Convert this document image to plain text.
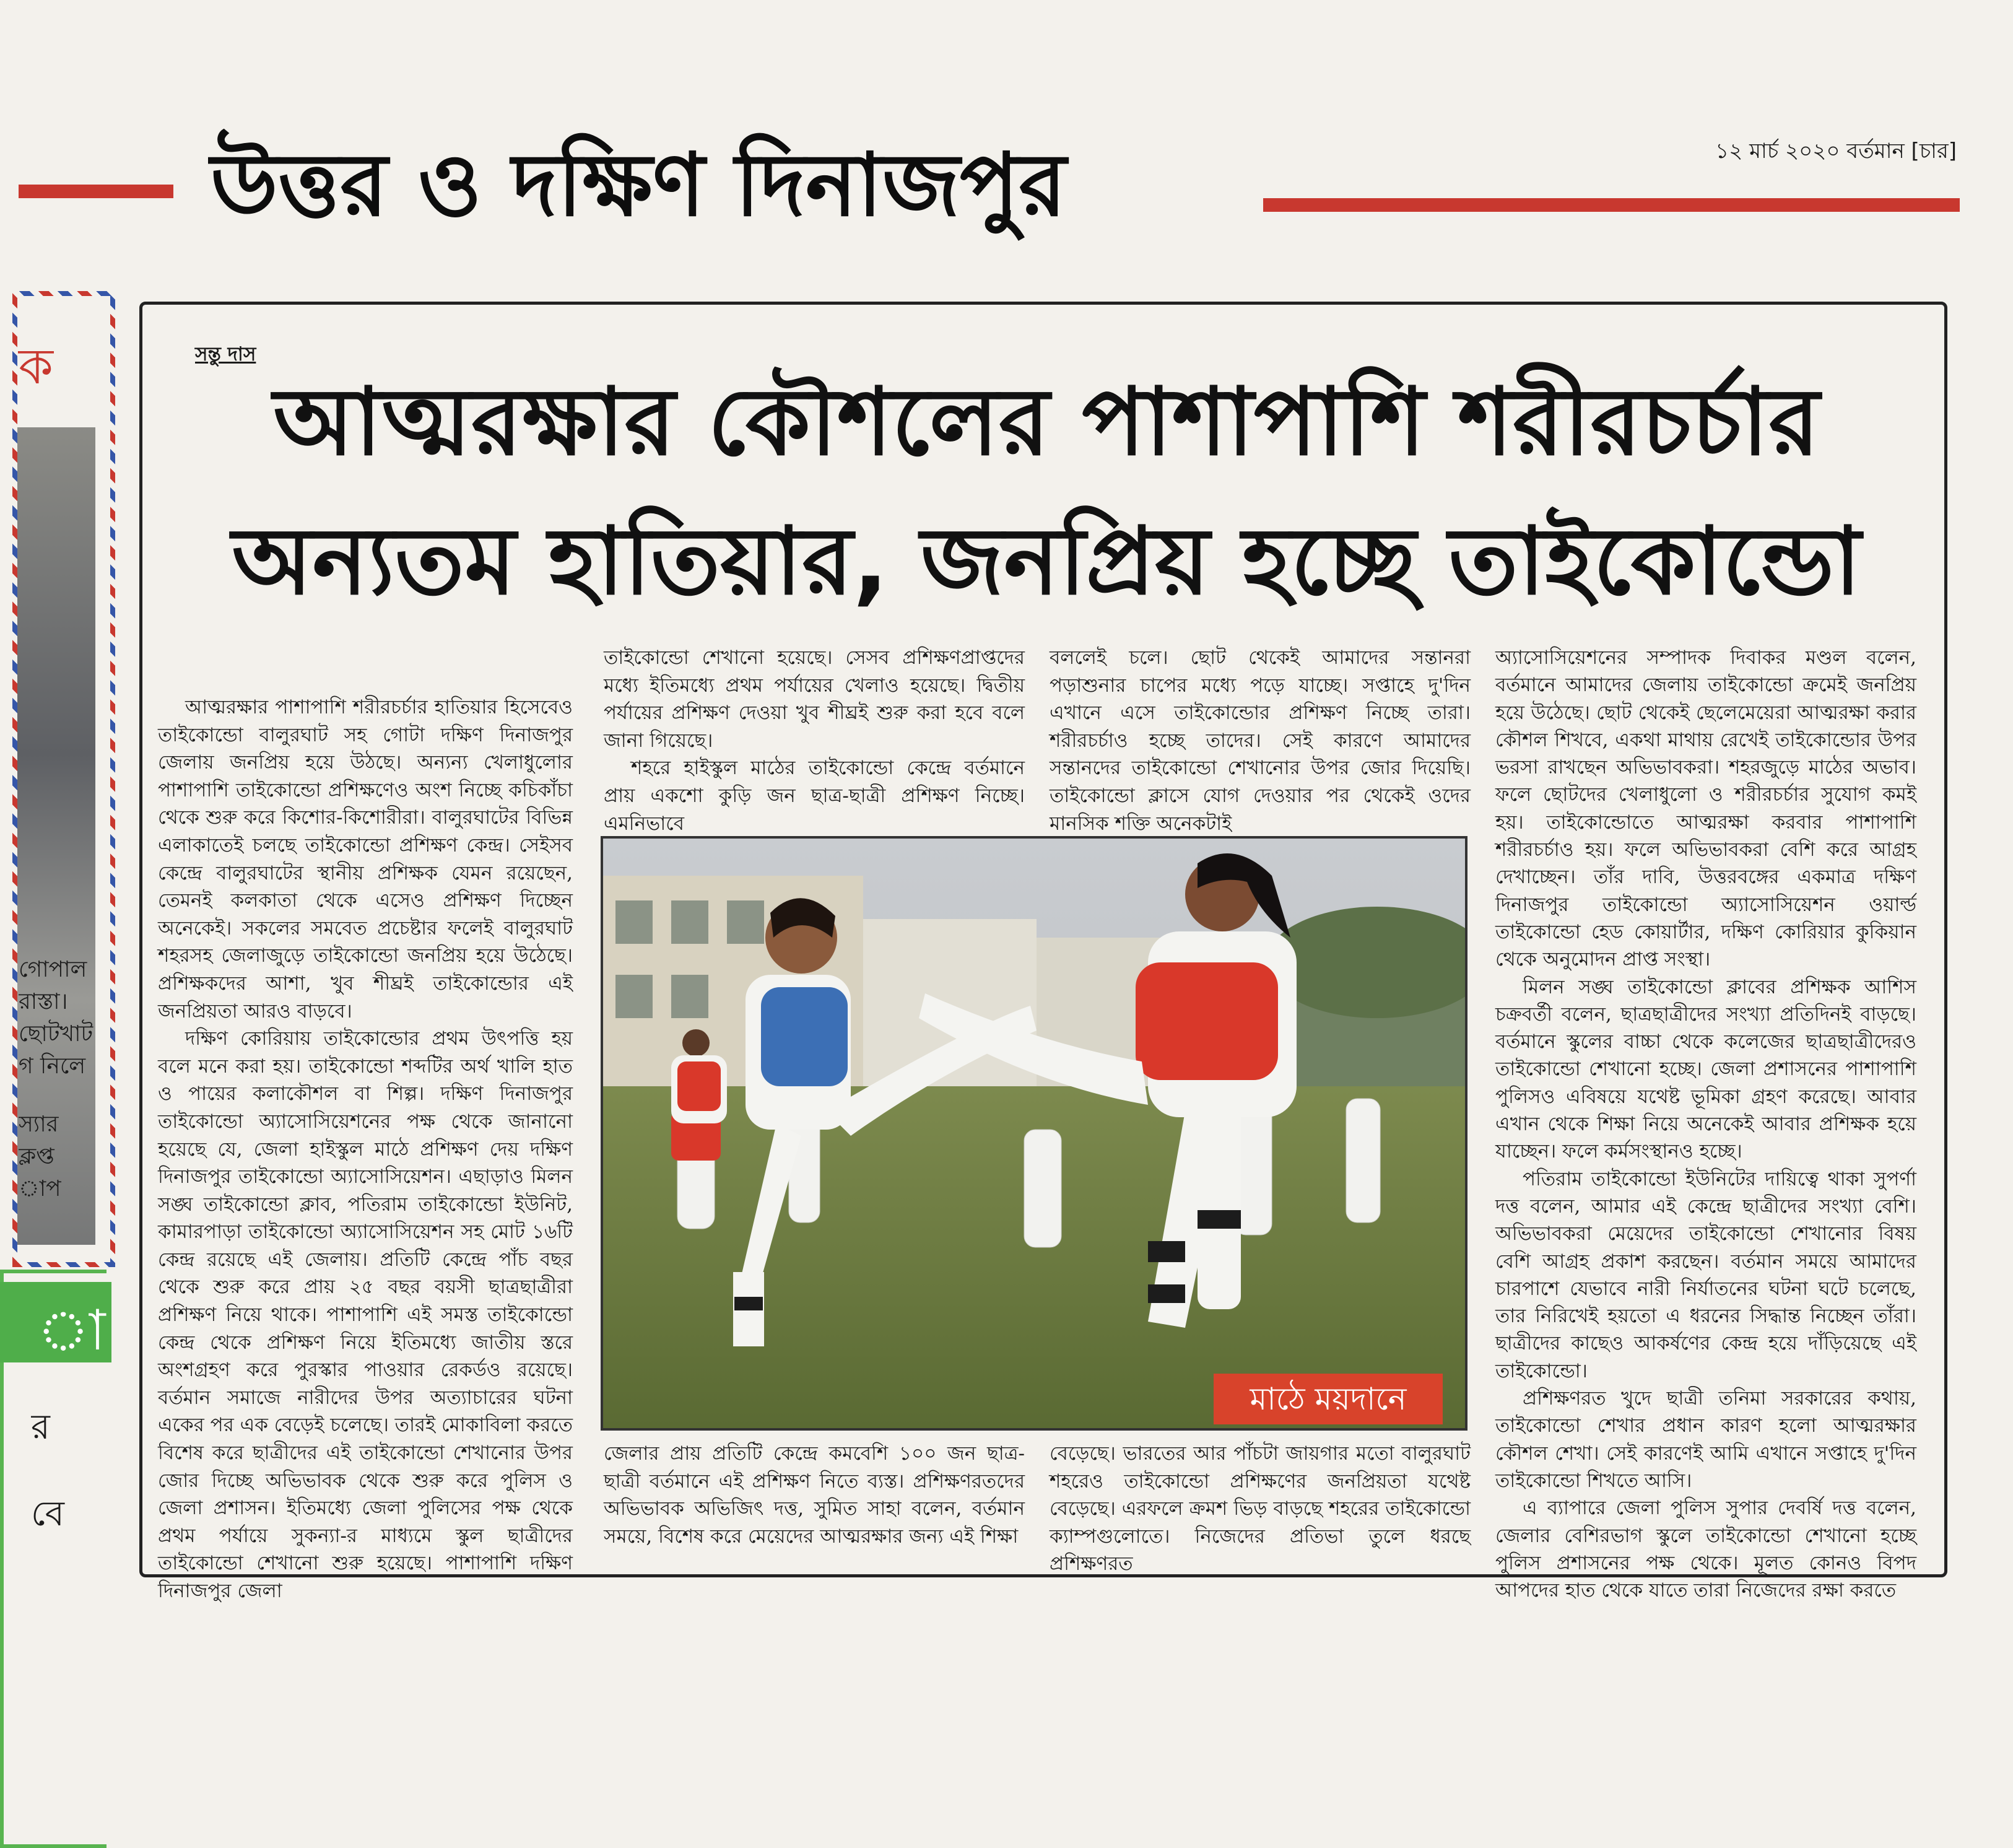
উত্তর ও দক্ষিণ দিনাজপুর	১২ মার্চ ২০২০ বর্তমান [চার]
ক
গোপাল
রাস্তা।
ছোটখাট
গ নিলে
স্যার
ক্লপ্ত
াপ
া
র
বে
আত্মরক্ষার কৌশলের পাশাপাশি শরীরচর্চার
অন্যতম হাতিয়ার, জনপ্রিয় হচ্ছে তাইকোন্ডো
সন্তু দাস

আত্মরক্ষার পাশাপাশি শরীরচর্চার হাতিয়ার হিসেবেও তাইকোন্ডো বালুরঘাট সহ গোটা দক্ষিণ দিনাজপুর জেলায় জনপ্রিয় হয়ে উঠছে। অন্যন্য খেলাধুলোর পাশাপাশি তাইকোন্ডো প্রশিক্ষণেও অংশ নিচ্ছে কচিকাঁচা থেকে শুরু করে কিশোর-কিশোরীরা। বালুরঘাটের বিভিন্ন এলাকাতেই চলছে তাইকোন্ডো প্রশিক্ষণ কেন্দ্র। সেইসব কেন্দ্রে বালুরঘাটের স্থানীয় প্রশিক্ষক যেমন রয়েছেন, তেমনই কলকাতা থেকে এসেও প্রশিক্ষণ দিচ্ছেন অনেকেই। সকলের সমবেত প্রচেষ্টার ফলেই বালুরঘাট শহরসহ জেলাজুড়ে তাইকোন্ডো জনপ্রিয় হয়ে উঠেছে। প্রশিক্ষকদের আশা, খুব শীঘ্রই তাইকোন্ডোর এই জনপ্রিয়তা আরও বাড়বে।

দক্ষিণ কোরিয়ায় তাইকোন্ডোর প্রথম উৎপত্তি হয় বলে মনে করা হয়। তাইকোন্ডো শব্দটির অর্থ খালি হাত ও পায়ের কলাকৌশল বা শিল্প। দক্ষিণ দিনাজপুর তাইকোন্ডো অ্যাসোসিয়েশনের পক্ষ থেকে জানানো হয়েছে যে, জেলা হাইস্কুল মাঠে প্রশিক্ষণ দেয় দক্ষিণ দিনাজপুর তাইকোন্ডো অ্যাসোসিয়েশন। এছাড়াও মিলন সঙ্ঘ তাইকোন্ডো ক্লাব, পতিরাম তাইকোন্ডো ইউনিট, কামারপাড়া তাইকোন্ডো অ্যাসোসিয়েশন সহ মোট ১৬টি কেন্দ্র রয়েছে এই জেলায়। প্রতিটি কেন্দ্রে পাঁচ বছর থেকে শুরু করে প্রায় ২৫ বছর বয়সী ছাত্রছাত্রীরা প্রশিক্ষণ নিয়ে থাকে। পাশাপাশি এই সমস্ত তাইকোন্ডো কেন্দ্র থেকে প্রশিক্ষণ নিয়ে ইতিমধ্যে জাতীয় স্তরে অংশগ্রহণ করে পুরস্কার পাওয়ার রেকর্ডও রয়েছে।বর্তমান সমাজে নারীদের উপর অত্যাচারের ঘটনা একের পর এক বেড়েই চলেছে। তারই মোকাবিলা করতে বিশেষ করে ছাত্রীদের এই তাইকোন্ডো শেখানোর উপর জোর দিচ্ছে অভিভাবক থেকে শুরু করে পুলিস ও জেলা প্রশাসন। ইতিমধ্যে জেলা পুলিসের পক্ষ থেকে প্রথম পর্যায়ে সুকন্যা-র মাধ্যমে স্কুল ছাত্রীদের তাইকোন্ডো শেখানো শুরু হয়েছে। পাশাপাশি দক্ষিণ দিনাজপুর জেলা

তাইকোন্ডো শেখানো হয়েছে। সেসব প্রশিক্ষণপ্রাপ্তদের মধ্যে ইতিমধ্যে প্রথম পর্যায়ের খেলাও হয়েছে। দ্বিতীয় পর্যায়ের প্রশিক্ষণ দেওয়া খুব শীঘ্রই শুরু করা হবে বলে জানা গিয়েছে।

শহরে হাইস্কুল মাঠের তাইকোন্ডো কেন্দ্রে বর্তমানে প্রায় একশো কুড়ি জন ছাত্র-ছাত্রী প্রশিক্ষণ নিচ্ছে। এমনিভাবে

বললেই চলে। ছোট থেকেই আমাদের সন্তানরা পড়াশুনার চাপের মধ্যে পড়ে যাচ্ছে। সপ্তাহে দু'দিন এখানে এসে তাইকোন্ডোর প্রশিক্ষণ নিচ্ছে তারা। শরীরচর্চাও হচ্ছে তাদের। সেই কারণে আমাদের সন্তানদের তাইকোন্ডো শেখানোর উপর জোর দিয়েছি। তাইকোন্ডো ক্লাসে যোগ দেওয়ার পর থেকেই ওদের মানসিক শক্তি অনেকটাই

মাঠে ময়দানে

জেলার প্রায় প্রতিটি কেন্দ্রে কমবেশি ১০০ জন ছাত্র-ছাত্রী বর্তমানে এই প্রশিক্ষণ নিতে ব্যস্ত। প্রশিক্ষণরতদের অভিভাবক অভিজিৎ দত্ত, সুমিত সাহা বলেন, বর্তমান সময়ে, বিশেষ করে মেয়েদের আত্মরক্ষার জন্য এই শিক্ষা

বেড়েছে। ভারতের আর পাঁচটা জায়গার মতো বালুরঘাট শহরেও তাইকোন্ডো প্রশিক্ষণের জনপ্রিয়তা যথেষ্ট বেড়েছে। এরফলে ক্রমশ ভিড় বাড়ছে শহরের তাইকোন্ডো ক্যাম্পগুলোতে। নিজেদের প্রতিভা তুলে ধরছে প্রশিক্ষণরত

অ্যাসোসিয়েশনের সম্পাদক দিবাকর মণ্ডল বলেন, বর্তমানে আমাদের জেলায় তাইকোন্ডো ক্রমেই জনপ্রিয় হয়ে উঠেছে। ছোট থেকেই ছেলেমেয়েরা আত্মরক্ষা করার কৌশল শিখবে, একথা মাথায় রেখেই তাইকোন্ডোর উপর ভরসা রাখছেন অভিভাবকরা। শহরজুড়ে মাঠের অভাব। ফলে ছোটদের খেলাধুলো ও শরীরচর্চার সুযোগ কমই হয়। তাইকোন্ডোতে আত্মরক্ষা করবার পাশাপাশি শরীরচর্চাও হয়। ফলে অভিভাবকরা বেশি করে আগ্রহ দেখাচ্ছেন। তাঁর দাবি, উত্তরবঙ্গের একমাত্র দক্ষিণ দিনাজপুর তাইকোন্ডো অ্যাসোসিয়েশন ওয়ার্ল্ড তাইকোন্ডো হেড কোয়ার্টার, দক্ষিণ কোরিয়ার কুকিয়ান থেকে অনুমোদন প্রাপ্ত সংস্থা।

মিলন সঙ্ঘ তাইকোন্ডো ক্লাবের প্রশিক্ষক আশিস চক্রবর্তী বলেন, ছাত্রছাত্রীদের সংখ্যা প্রতিদিনই বাড়ছে। বর্তমানে স্কুলের বাচ্চা থেকে কলেজের ছাত্রছাত্রীদেরও তাইকোন্ডো শেখানো হচ্ছে। জেলা প্রশাসনের পাশাপাশি পুলিসও এবিষয়ে যথেষ্ট ভূমিকা গ্রহণ করেছে। আবার এখান থেকে শিক্ষা নিয়ে অনেকেই আবার প্রশিক্ষক হয়ে যাচ্ছেন। ফলে কর্মসংস্থানও হচ্ছে।

পতিরাম তাইকোন্ডো ইউনিটের দায়িত্বে থাকা সুপর্ণা দত্ত বলেন, আমার এই কেন্দ্রে ছাত্রীদের সংখ্যা বেশি। অভিভাবকরা মেয়েদের তাইকোন্ডো শেখানোর বিষয় বেশি আগ্রহ প্রকাশ করছেন। বর্তমান সময়ে আমাদের চারপাশে যেভাবে নারী নির্যাতনের ঘটনা ঘটে চলেছে, তার নিরিখেই হয়তো এ ধরনের সিদ্ধান্ত নিচ্ছেন তাঁরা। ছাত্রীদের কাছেও আকর্ষণের কেন্দ্র হয়ে দাঁড়িয়েছে এই তাইকোন্ডো।

প্রশিক্ষণরত খুদে ছাত্রী তনিমা সরকারের কথায়, তাইকোন্ডো শেখার প্রধান কারণ হলো আত্মরক্ষার কৌশল শেখা। সেই কারণেই আমি এখানে সপ্তাহে দু'দিন তাইকোন্ডো শিখতে আসি।

এ ব্যাপারে জেলা পুলিস সুপার দেবর্ষি দত্ত বলেন, জেলার বেশিরভাগ স্কুলে তাইকোন্ডো শেখানো হচ্ছে পুলিস প্রশাসনের পক্ষ থেকে। মূলত কোনও বিপদ আপদের হাত থেকে যাতে তারা নিজেদের রক্ষা করতে
